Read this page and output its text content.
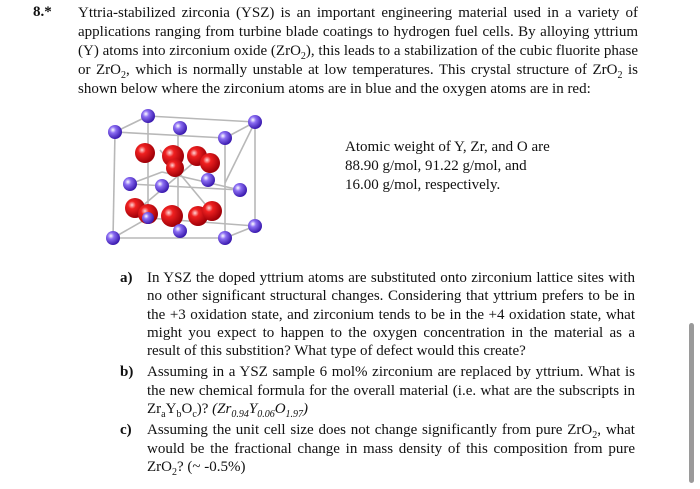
8.* Yttria-stabilized zirconia (YSZ) is an important engineering material used in a variety of applications ranging from turbine blade coatings to hydrogen fuel cells. By alloying yttrium (Y) atoms into zirconium oxide (ZrO$_2$), this leads to a stabilization of the cubic fluorite phase or ZrO$_2$, which is normally unstable at low temperatures. This crystal structure of ZrO$_2$ is shown below where the zirconium atoms are in blue and the oxygen atoms are in red:

Atomic weight of Y, Zr, and O are
88.90 g/mol, 91.22 g/mol, and
16.00 g/mol, respectively.
a) In YSZ the doped yttrium atoms are substituted onto zirconium lattice sites with no other significant structural changes. Considering that yttrium prefers to be in the +3 oxidation state, and zirconium tends to be in the +4 oxidation state, what might you expect to happen to the oxygen concentration in the material as a result of this substition? What type of defect would this create?
b) Assuming in a YSZ sample 6 mol% zirconium are replaced by yttrium. What is the new chemical formula for the overall material (i.e. what are the subscripts in $Zr_aY_bO_c$)? $(Zr_{0.94}Y_{0.06}O_{1.97})$
c) Assuming the unit cell size does not change significantly from pure ZrO$_2$, what would be the fractional change in mass density of this composition from pure ZrO$_2$? (~ -0.5%)
